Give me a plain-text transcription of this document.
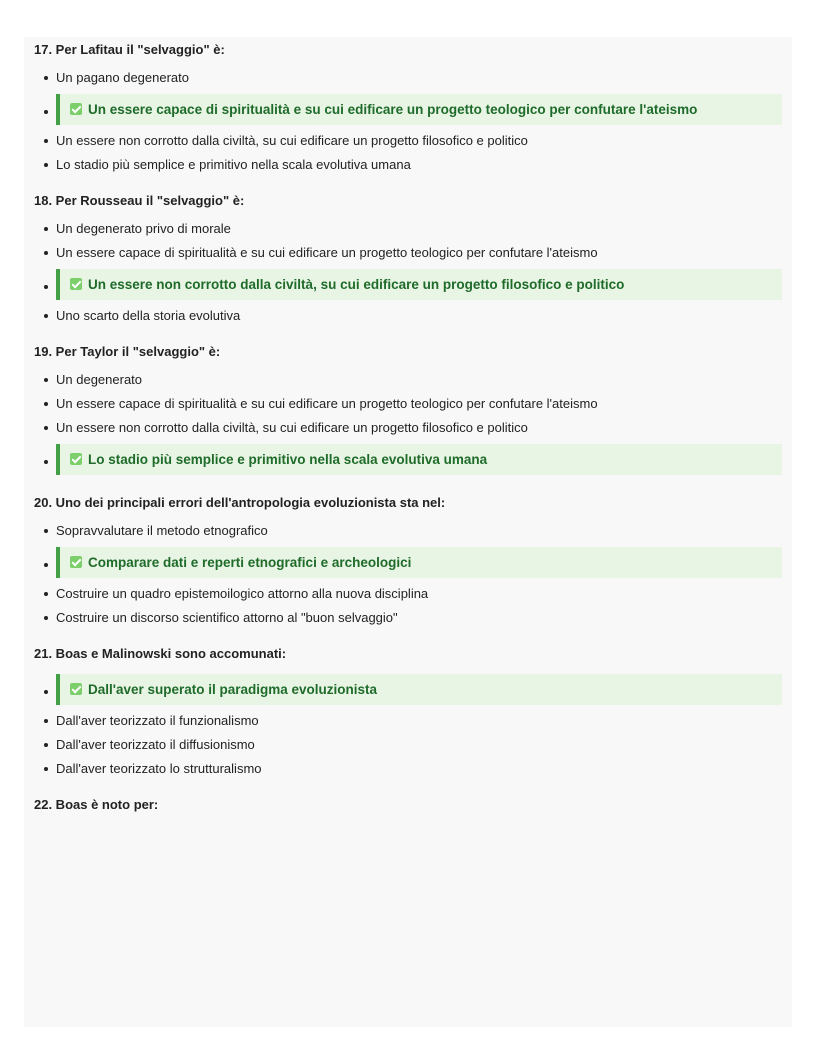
17. Per Lafitau il "selvaggio" è:

Un pagano degenerato
Un essere capace di spiritualità e su cui edificare un progetto teologico per confutare l'ateismo
Un essere non corrotto dalla civiltà, su cui edificare un progetto filosofico e politico
Lo stadio più semplice e primitivo nella scala evolutiva umana

18. Per Rousseau il "selvaggio" è:

Un degenerato privo di morale
Un essere capace di spiritualità e su cui edificare un progetto teologico per confutare l'ateismo
Un essere non corrotto dalla civiltà, su cui edificare un progetto filosofico e politico
Uno scarto della storia evolutiva

19. Per Taylor il "selvaggio" è:

Un degenerato
Un essere capace di spiritualità e su cui edificare un progetto teologico per confutare l'ateismo
Un essere non corrotto dalla civiltà, su cui edificare un progetto filosofico e politico
Lo stadio più semplice e primitivo nella scala evolutiva umana

20. Uno dei principali errori dell'antropologia evoluzionista sta nel:

Sopravvalutare il metodo etnografico
Comparare dati e reperti etnografici e archeologici
Costruire un quadro epistemoilogico attorno alla nuova disciplina
Costruire un discorso scientifico attorno al "buon selvaggio"

21. Boas e Malinowski sono accomunati:

Dall'aver superato il paradigma evoluzionista
Dall'aver teorizzato il funzionalismo
Dall'aver teorizzato il diffusionismo
Dall'aver teorizzato lo strutturalismo

22. Boas è noto per:
